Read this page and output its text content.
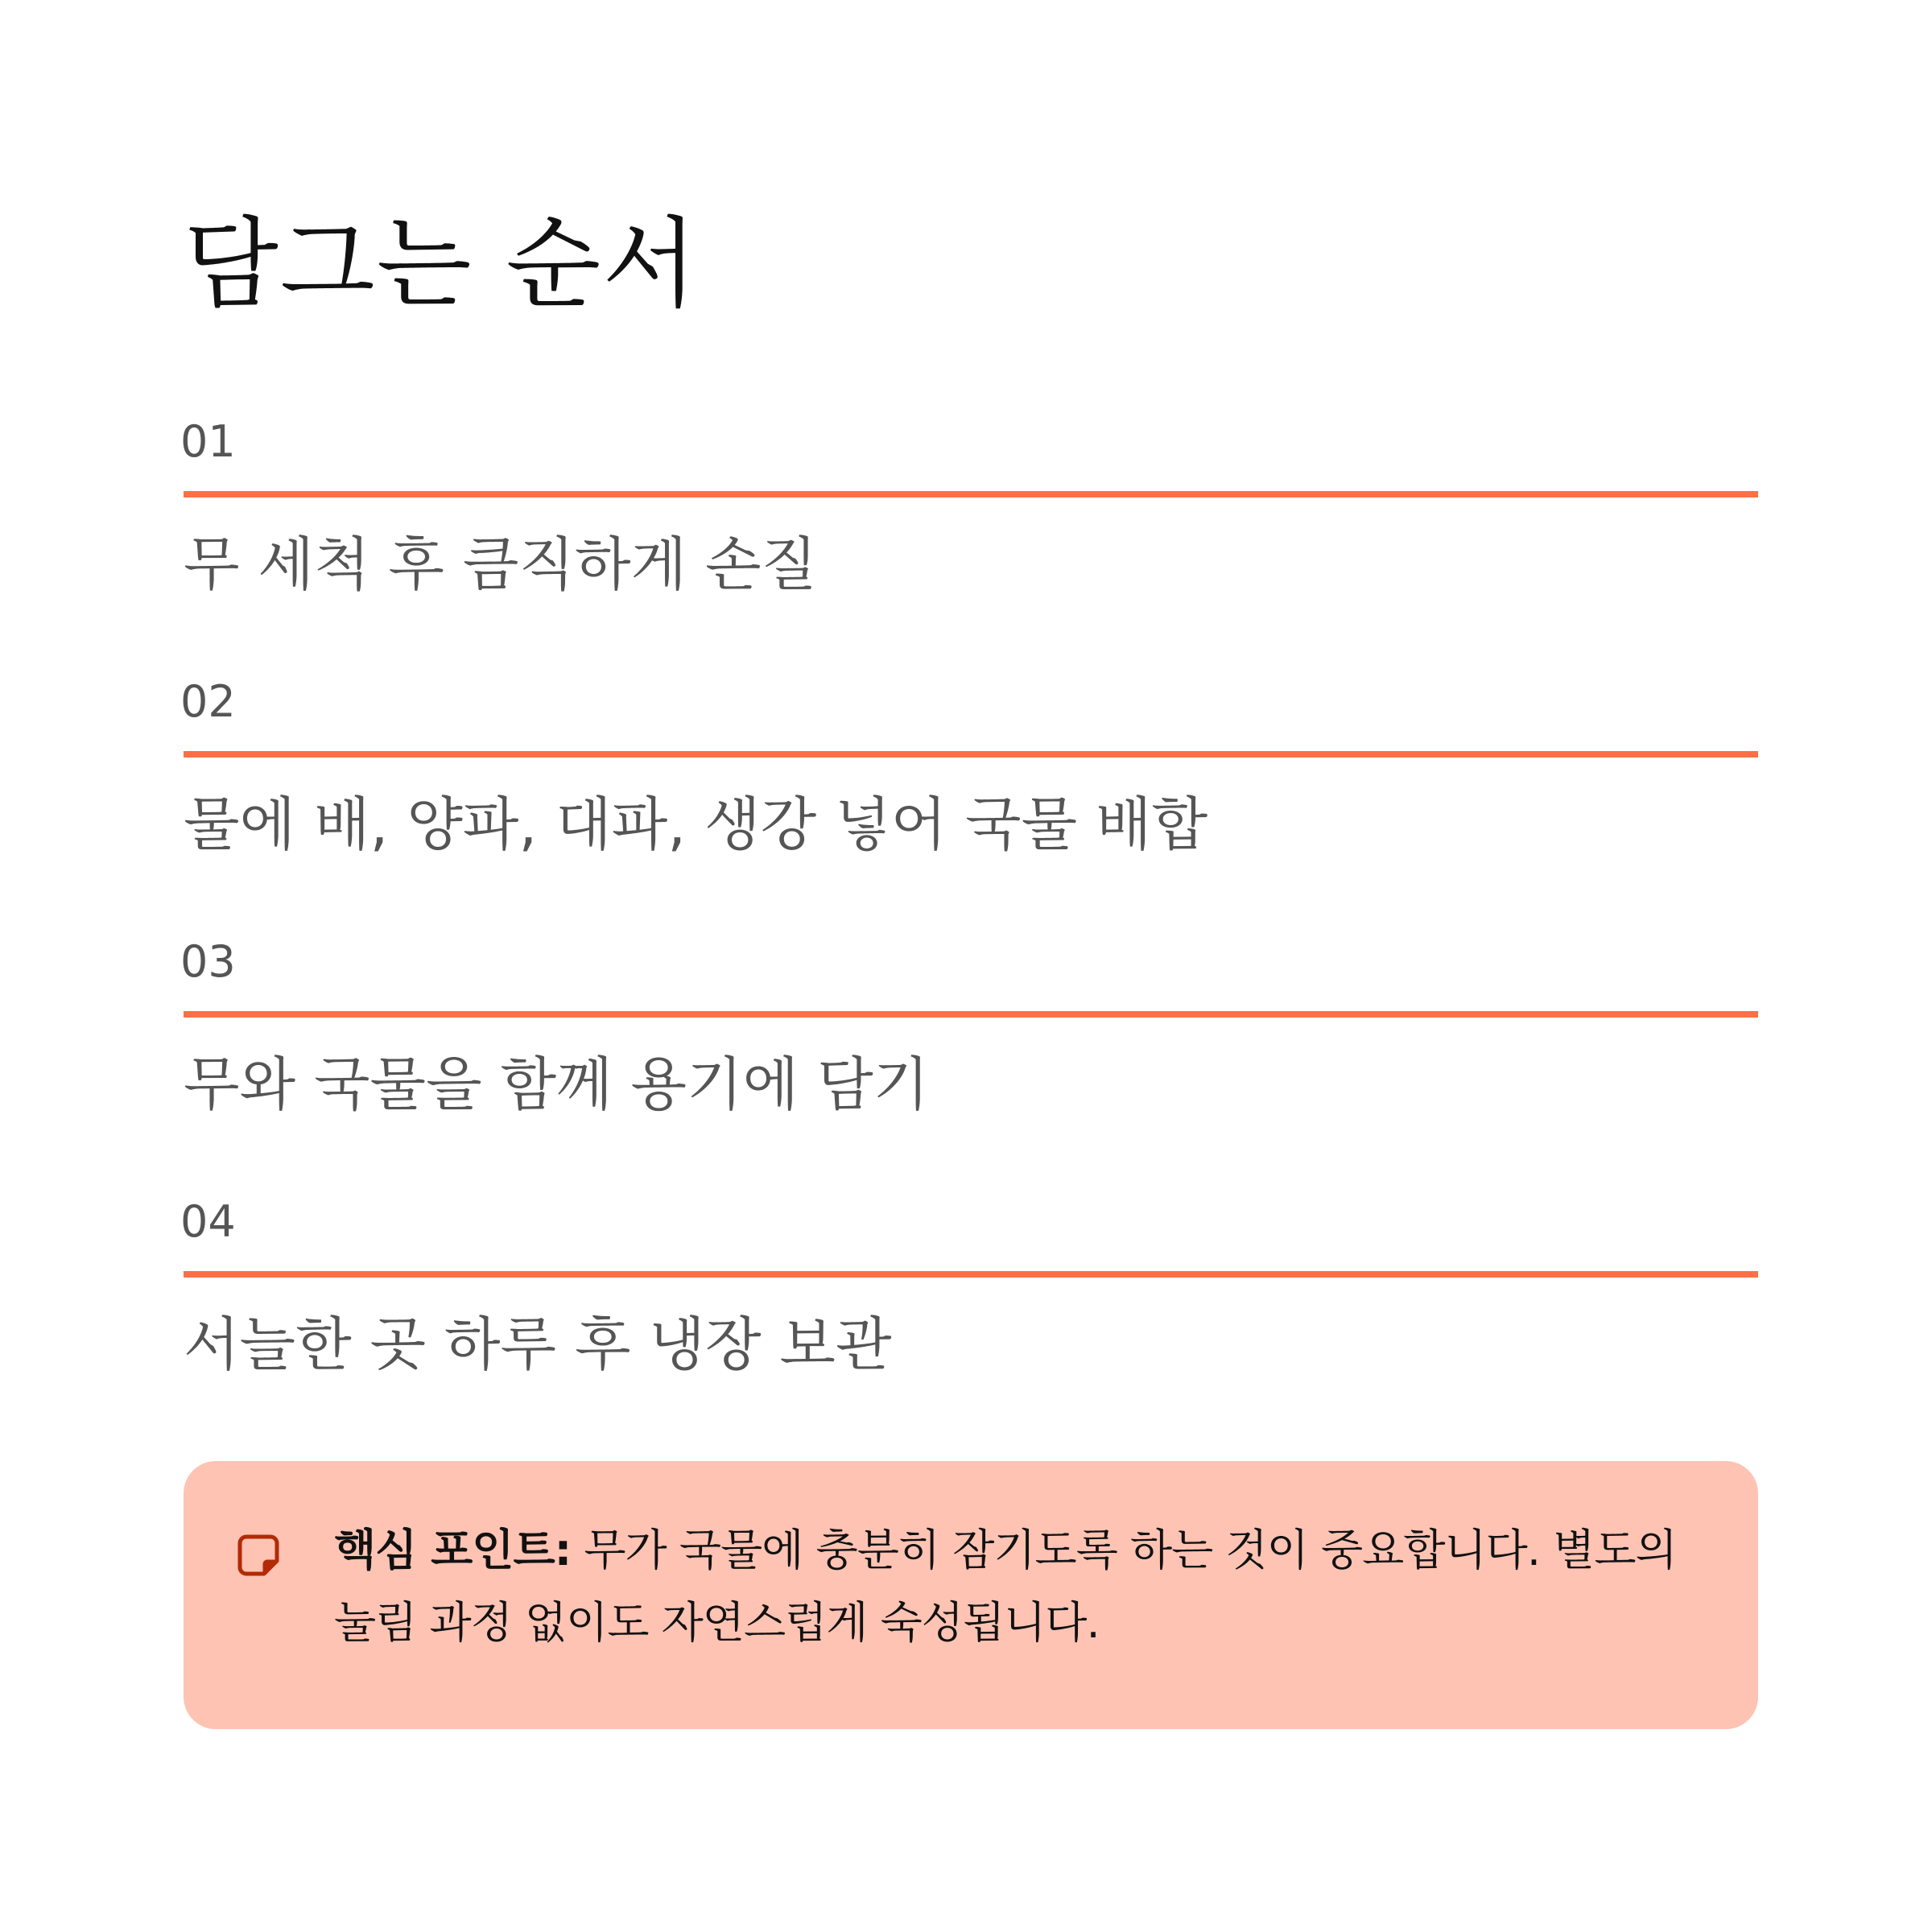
담그는 순서
01
무 세척 후 큼직하게 손질
02
물에 배, 양파, 대파, 생강 넣어 국물 배합
03
무와 국물을 함께 용기에 담기
04
서늘한 곳 하루 후 냉장 보관

핵심 포인트: 무가 국물에 충분히 잠기도록 하는 것이 중요합니다. 별도의 눌림 과정 없이도 자연스럽게 숙성됩니다.
